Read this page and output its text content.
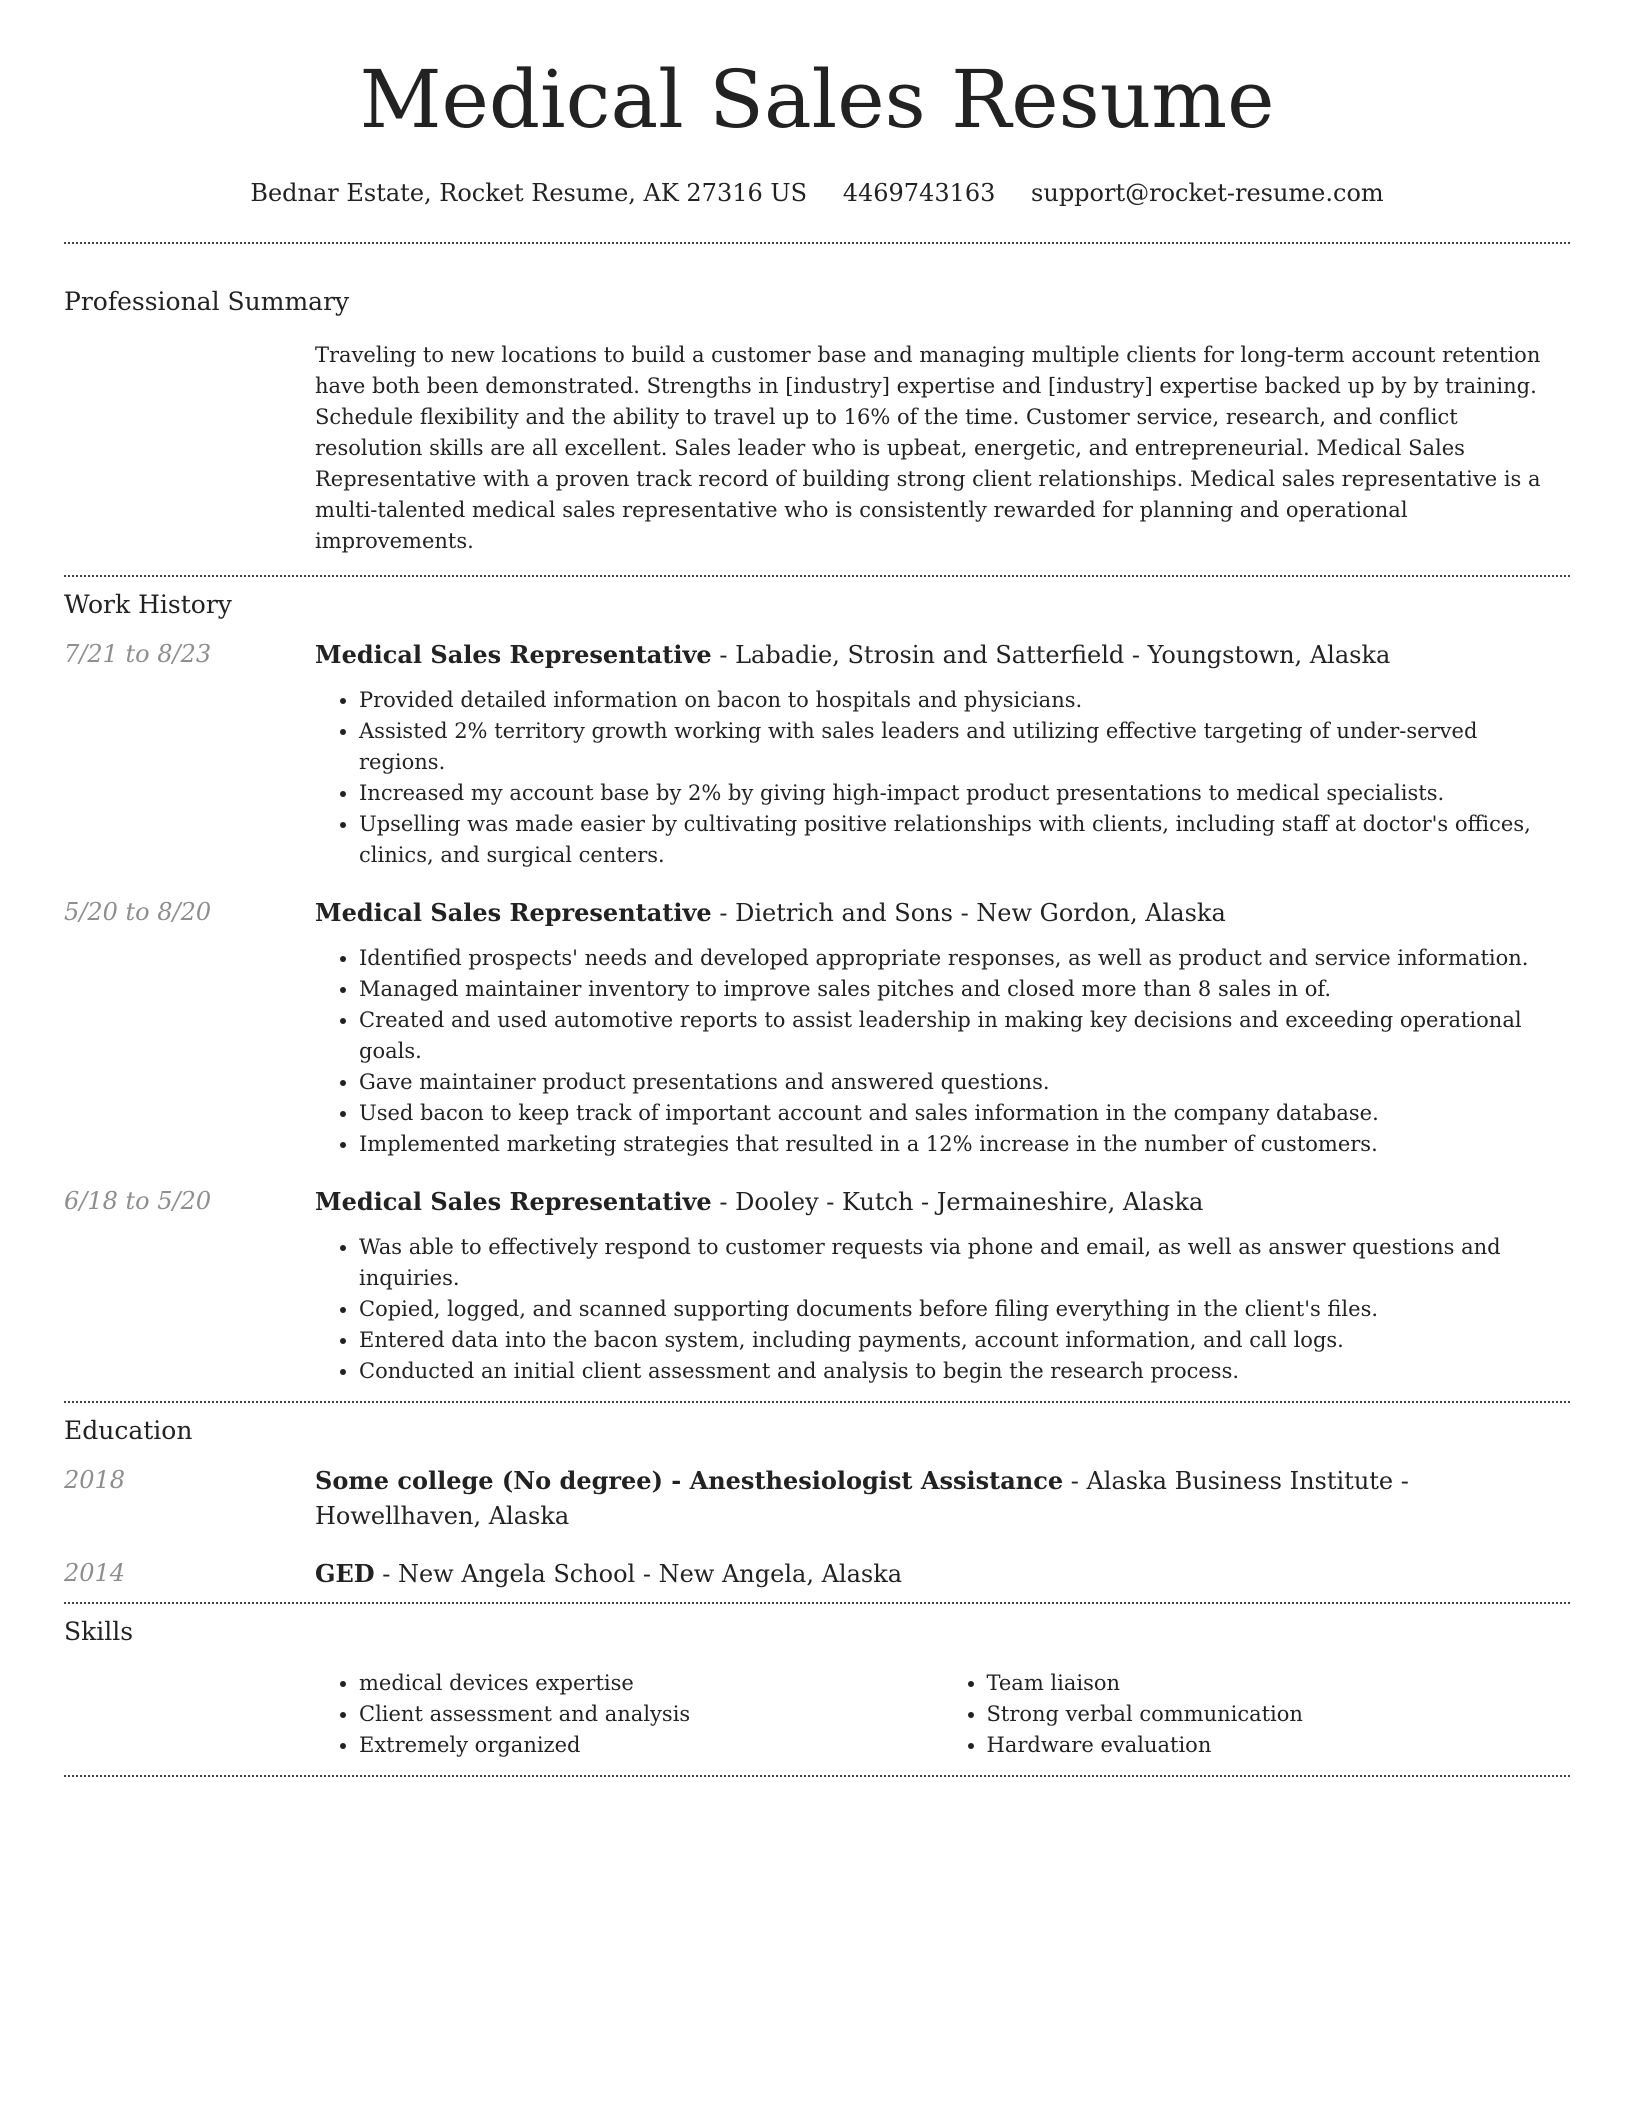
Medical Sales Resume
Bednar Estate, Rocket Resume, AK 27316 US 4469743163 support@rocket-resume.com
Professional Summary
Traveling to new locations to build a customer base and managing multiple clients for long-term account retention have both been demonstrated. Strengths in [industry] expertise and [industry] expertise backed up by by training. Schedule flexibility and the ability to travel up to 16% of the time. Customer service, research, and conflict resolution skills are all excellent. Sales leader who is upbeat, energetic, and entrepreneurial. Medical Sales Representative with a proven track record of building strong client relationships. Medical sales representative is a multi-talented medical sales representative who is consistently rewarded for planning and operational improvements.
Work History
7/21 to 8/23	Medical Sales Representative - Labadie, Strosin and Satterfield - Youngstown, Alaska
• Provided detailed information on bacon to hospitals and physicians.
• Assisted 2% territory growth working with sales leaders and utilizing effective targeting of under-served regions.
• Increased my account base by 2% by giving high-impact product presentations to medical specialists.
• Upselling was made easier by cultivating positive relationships with clients, including staff at doctor's offices, clinics, and surgical centers.
5/20 to 8/20	Medical Sales Representative - Dietrich and Sons - New Gordon, Alaska
• Identified prospects' needs and developed appropriate responses, as well as product and service information.
• Managed maintainer inventory to improve sales pitches and closed more than 8 sales in of.
• Created and used automotive reports to assist leadership in making key decisions and exceeding operational goals.
• Gave maintainer product presentations and answered questions.
• Used bacon to keep track of important account and sales information in the company database.
• Implemented marketing strategies that resulted in a 12% increase in the number of customers.
6/18 to 5/20	Medical Sales Representative - Dooley - Kutch - Jermaineshire, Alaska
• Was able to effectively respond to customer requests via phone and email, as well as answer questions and inquiries.
• Copied, logged, and scanned supporting documents before filing everything in the client's files.
• Entered data into the bacon system, including payments, account information, and call logs.
• Conducted an initial client assessment and analysis to begin the research process.
Education
2018	Some college (No degree) - Anesthesiologist Assistance - Alaska Business Institute - Howellhaven, Alaska
2014	GED - New Angela School - New Angela, Alaska
Skills
• medical devices expertise
• Client assessment and analysis
• Extremely organized
• Team liaison
• Strong verbal communication
• Hardware evaluation
